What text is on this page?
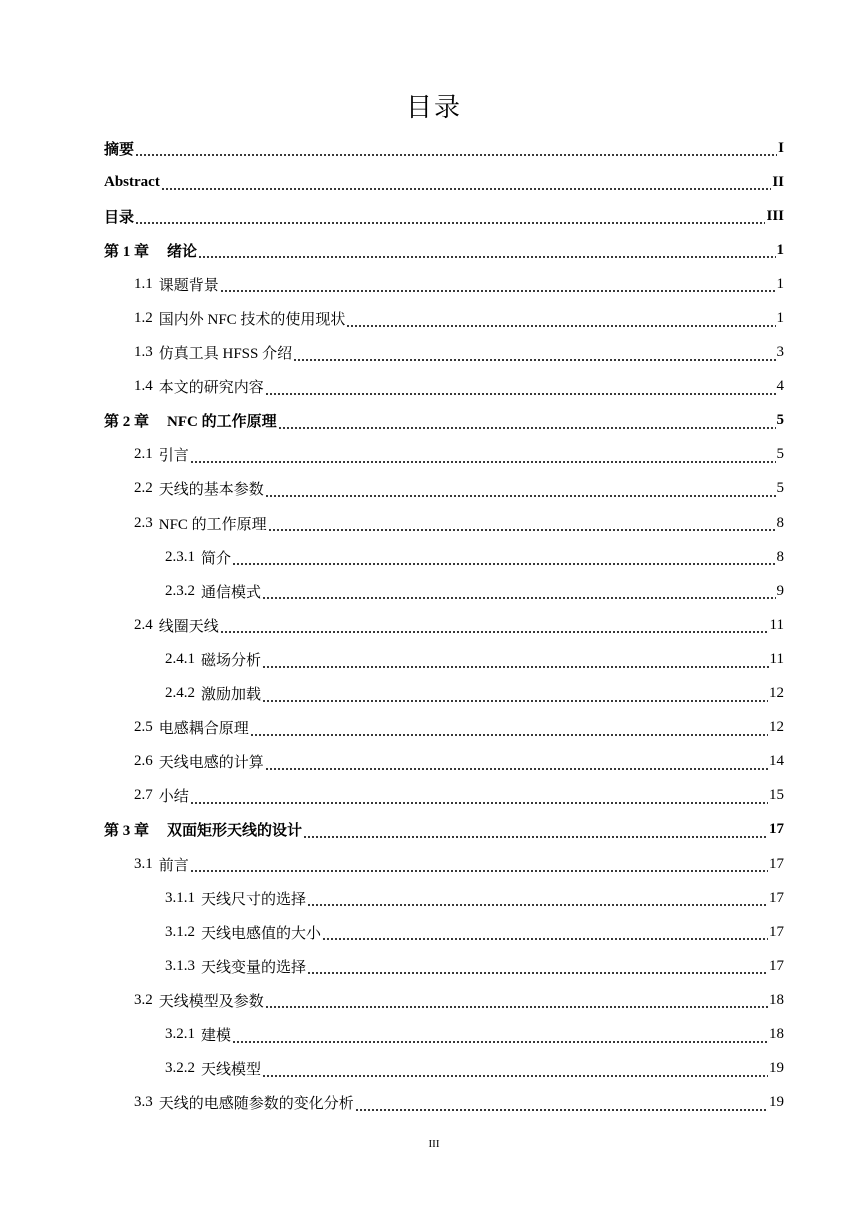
目录
摘要	I
Abstract	II
目录	III
第 1 章 绪论	1
1.1 课题背景	1
1.2 国内外 NFC 技术的使用现状	1
1.3 仿真工具 HFSS 介绍	3
1.4 本文的研究内容	4
第 2 章 NFC 的工作原理	5
2.1 引言	5
2.2 天线的基本参数	5
2.3 NFC 的工作原理	8
2.3.1 简介	8
2.3.2 通信模式	9
2.4 线圈天线	11
2.4.1 磁场分析	11
2.4.2 激励加载	12
2.5 电感耦合原理	12
2.6 天线电感的计算	14
2.7 小结	15
第 3 章 双面矩形天线的设计	17
3.1 前言	17
3.1.1 天线尺寸的选择	17
3.1.2 天线电感值的大小	17
3.1.3 天线变量的选择	17
3.2 天线模型及参数	18
3.2.1 建模	18
3.2.2 天线模型	19
3.3 天线的电感随参数的变化分析	19
III
